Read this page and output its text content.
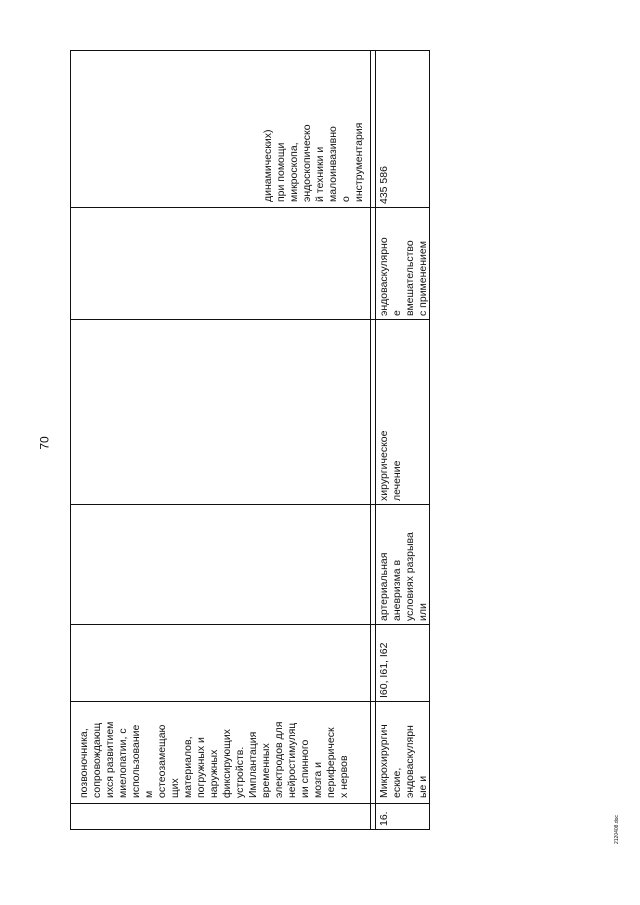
70
2120408.doc
позвоночника, сопровождающ ихся развитием миелопатии, с использование м остеозамещаю щих материалов, погружных и наружных фиксирующих устройств. Имплантация временных электродов для нейростимуляц ии спинного мозга и периферическ х нервов
динамических) при помощи микроскопа, эндоскопическо й техники и малоинвазивно о инструментария
16.
Микрохирургич еские, эндоваскулярн ые и
I60, I61, I62
артериальная аневризма в условиях разрыва или
хирургическое лечение
эндоваскулярно е вмешательство с применением
435 586
